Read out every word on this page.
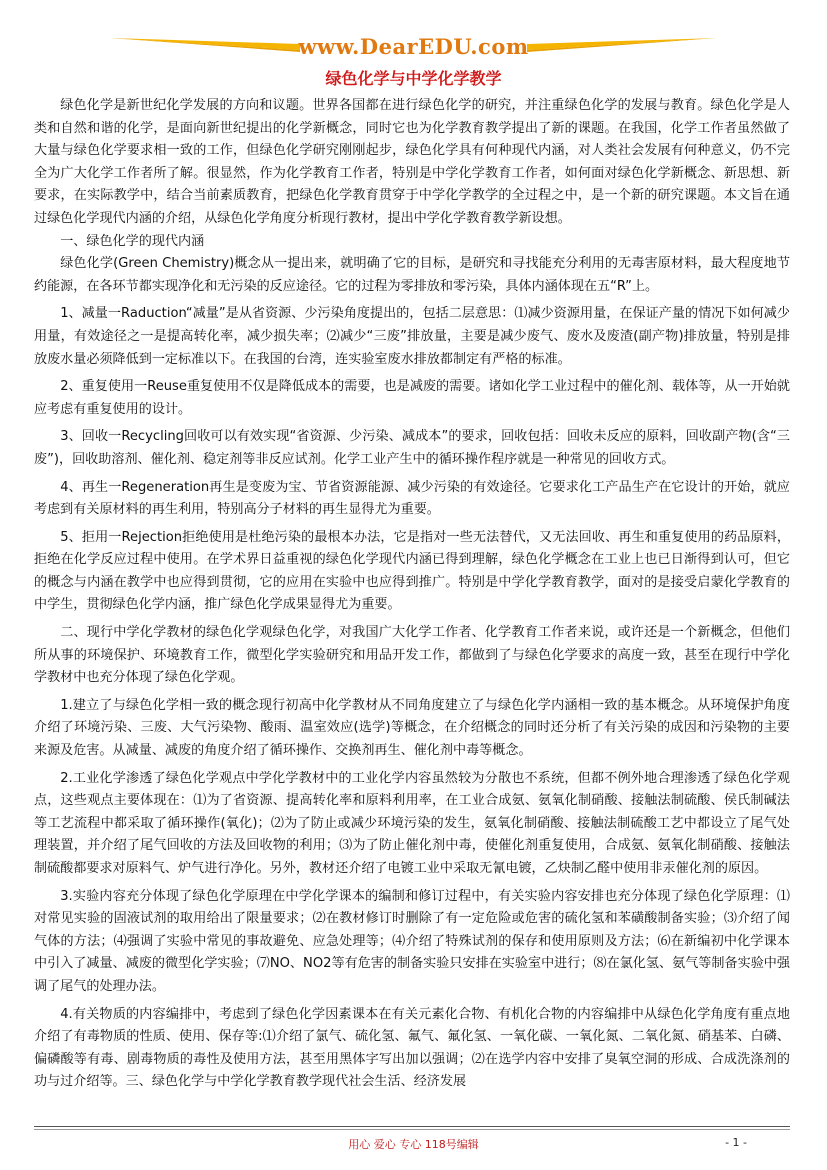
www.DearEDU.com
绿色化学与中学化学教学

绿色化学是新世纪化学发展的方向和议题。世界各国都在进行绿色化学的研究，并注重绿色化学的发展与教育。绿色化学是人类和自然和谐的化学，是面向新世纪提出的化学新概念，同时它也为化学教育教学提出了新的课题。在我国，化学工作者虽然做了大量与绿色化学要求相一致的工作，但绿色化学研究刚刚起步，绿色化学具有何种现代内涵，对人类社会发展有何种意义，仍不完全为广大化学工作者所了解。很显然，作为化学教育工作者，特别是中学化学教育工作者，如何面对绿色化学新概念、新思想、新要求，在实际教学中，结合当前素质教育，把绿色化学教育贯穿于中学化学教学的全过程之中，是一个新的研究课题。本文旨在通过绿色化学现代内涵的介绍，从绿色化学角度分析现行教材，提出中学化学教育教学新设想。

一、绿色化学的现代内涵

绿色化学(Green Chemistry)概念从一提出来，就明确了它的目标，是研究和寻找能充分利用的无毒害原材料，最大程度地节约能源，在各环节都实现净化和无污染的反应途径。它的过程为零排放和零污染，具体内涵体现在五“R”上。

1、减量一Raduction“减量”是从省资源、少污染角度提出的，包括二层意思：⑴减少资源用量，在保证产量的情况下如何减少用量，有效途径之一是提高转化率，减少损失率；⑵减少“三废”排放量，主要是减少废气、废水及废渣(副产物)排放量，特别是排放废水量必须降低到一定标准以下。在我国的台湾，连实验室废水排放都制定有严格的标准。

2、重复使用一Reuse重复使用不仅是降低成本的需要，也是减废的需要。诸如化学工业过程中的催化剂、载体等，从一开始就应考虑有重复使用的设计。

3、回收一Recycling回收可以有效实现“省资源、少污染、减成本”的要求，回收包括：回收未反应的原料，回收副产物(含“三废”)，回收助溶剂、催化剂、稳定剂等非反应试剂。化学工业产生中的循环操作程序就是一种常见的回收方式。

4、再生一Regeneration再生是变废为宝、节省资源能源、减少污染的有效途径。它要求化工产品生产在它设计的开始，就应考虑到有关原材料的再生利用，特别高分子材料的再生显得尤为重要。

5、拒用一Rejection拒绝使用是杜绝污染的最根本办法，它是指对一些无法替代，又无法回收、再生和重复使用的药品原料，拒绝在化学反应过程中使用。在学术界日益重视的绿色化学现代内涵已得到理解，绿色化学概念在工业上也已日渐得到认可，但它的概念与内涵在教学中也应得到贯彻，它的应用在实验中也应得到推广。特别是中学化学教育教学，面对的是接受启蒙化学教育的中学生，贯彻绿色化学内涵，推广绿色化学成果显得尤为重要。

二、现行中学化学教材的绿色化学观绿色化学，对我国广大化学工作者、化学教育工作者来说，或许还是一个新概念，但他们所从事的环境保护、环境教育工作，微型化学实验研究和用品开发工作，都做到了与绿色化学要求的高度一致，甚至在现行中学化学教材中也充分体现了绿色化学观。

1.建立了与绿色化学相一致的概念现行初高中化学教材从不同角度建立了与绿色化学内涵相一致的基本概念。从环境保护角度介绍了环境污染、三废、大气污染物、酸雨、温室效应(选学)等概念，在介绍概念的同时还分析了有关污染的成因和污染物的主要来源及危害。从减量、减废的角度介绍了循环操作、交换剂再生、催化剂中毒等概念。

2.工业化学渗透了绿色化学观点中学化学教材中的工业化学内容虽然较为分散也不系统，但都不例外地合理渗透了绿色化学观点，这些观点主要体现在：⑴为了省资源、提高转化率和原料利用率，在工业合成氨、氨氧化制硝酸、接触法制硫酸、侯氏制碱法等工艺流程中都采取了循环操作(氧化)；⑵为了防止或减少环境污染的发生，氨氧化制硝酸、接触法制硫酸工艺中都设立了尾气处理装置，并介绍了尾气回收的方法及回收物的利用；⑶为了防止催化剂中毒，使催化剂重复使用，合成氨、氨氧化制硝酸、接触法制硫酸都要求对原料气、炉气进行净化。另外，教材还介绍了电镀工业中采取无氰电镀，乙炔制乙醛中使用非汞催化剂的原因。

3.实验内容充分体现了绿色化学原理在中学化学课本的编制和修订过程中，有关实验内容安排也充分体现了绿色化学原理：⑴对常见实验的固液试剂的取用给出了限量要求；⑵在教材修订时删除了有一定危险或危害的硫化氢和苯磺酸制备实验；⑶介绍了闻气体的方法；⑷强调了实验中常见的事故避免、应急处理等；⑷介绍了特殊试剂的保存和使用原则及方法；⑹在新编初中化学课本中引入了减量、减废的微型化学实验；⑺NO、NO2等有危害的制备实验只安排在实验室中进行；⑻在氯化氢、氨气等制备实验中强调了尾气的处理办法。

4.有关物质的内容编排中，考虑到了绿色化学因素课本在有关元素化合物、有机化合物的内容编排中从绿色化学角度有重点地介绍了有毒物质的性质、使用、保存等:⑴介绍了氯气、硫化氢、氟气、氟化氢、一氧化碳、一氧化氮、二氧化氮、硝基苯、白磷、偏磷酸等有毒、剧毒物质的毒性及使用方法，甚至用黑体字写出加以强调；⑵在选学内容中安排了臭氧空洞的形成、合成洗涤剂的功与过介绍等。三、绿色化学与中学化学教育教学现代社会生活、经济发展

用心 爱心 专心 118号编辑	- 1 -
